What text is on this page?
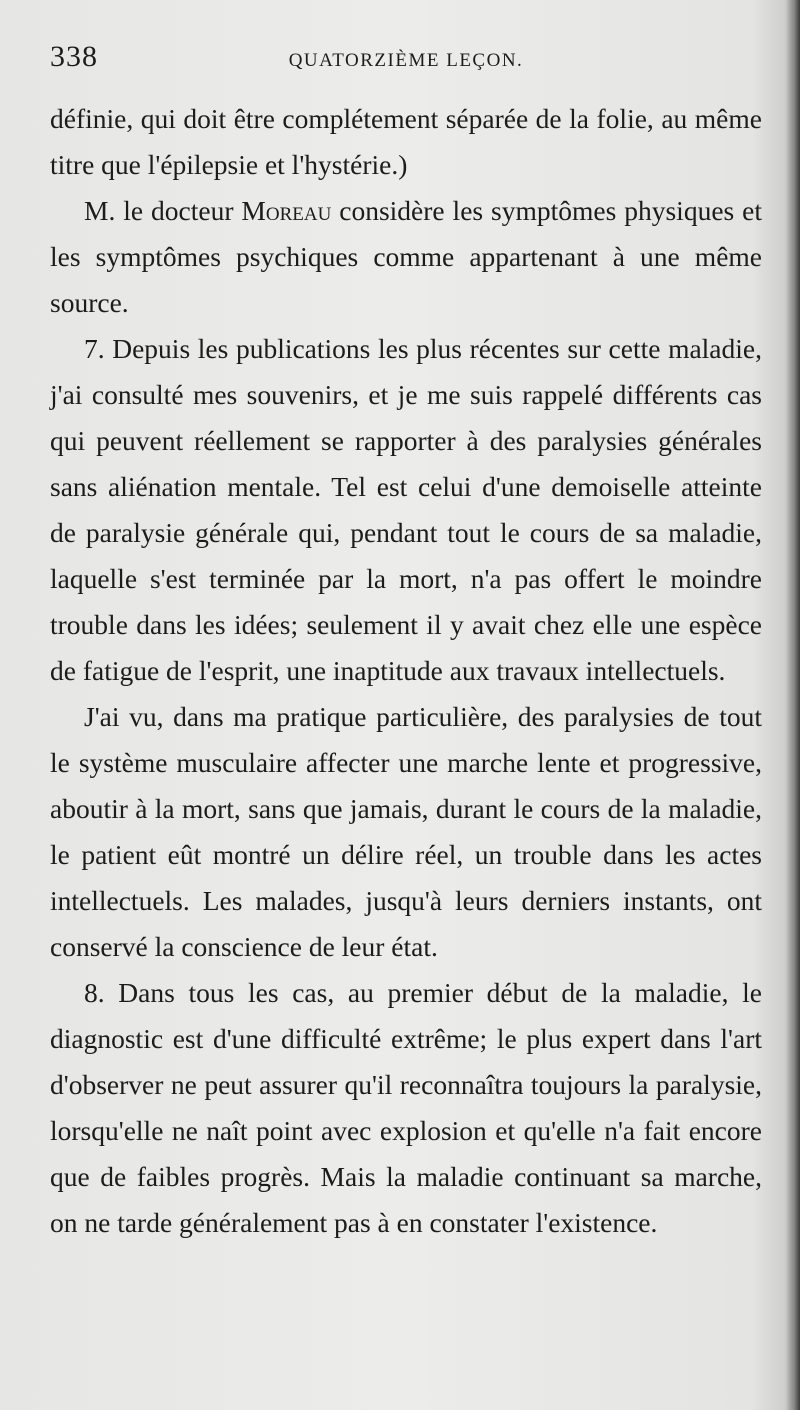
338	QUATORZIÈME LEÇON.

définie, qui doit être complétement séparée de la folie, au même titre que l'épilepsie et l'hystérie.)

M. le docteur Moreau considère les symptômes physiques et les symptômes psychiques comme appartenant à une même source.

7. Depuis les publications les plus récentes sur cette maladie, j'ai consulté mes souvenirs, et je me suis rappelé différents cas qui peuvent réellement se rapporter à des paralysies générales sans aliénation mentale. Tel est celui d'une demoiselle atteinte de paralysie générale qui, pendant tout le cours de sa maladie, laquelle s'est terminée par la mort, n'a pas offert le moindre trouble dans les idées; seulement il y avait chez elle une espèce de fatigue de l'esprit, une inaptitude aux travaux intellectuels.

J'ai vu, dans ma pratique particulière, des paralysies de tout le système musculaire affecter une marche lente et progressive, aboutir à la mort, sans que jamais, durant le cours de la maladie, le patient eût montré un délire réel, un trouble dans les actes intellectuels. Les malades, jusqu'à leurs derniers instants, ont conservé la conscience de leur état.

8. Dans tous les cas, au premier début de la maladie, le diagnostic est d'une difficulté extrême; le plus expert dans l'art d'observer ne peut assurer qu'il reconnaîtra toujours la paralysie, lorsqu'elle ne naît point avec explosion et qu'elle n'a fait encore que de faibles progrès. Mais la maladie continuant sa marche, on ne tarde généralement pas à en constater l'existence.
